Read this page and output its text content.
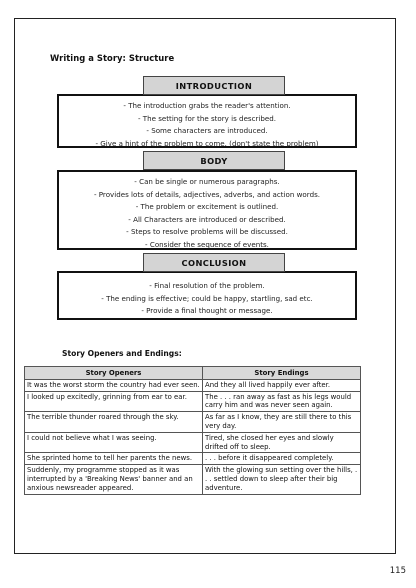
Writing a Story: Structure
- The introduction grabs the reader's attention.
- The setting for the story is described.
- Some characters are introduced.
- Give a hint of the problem to come. (don't state the problem)
INTRODUCTION
- Can be single or numerous paragraphs.
- Provides lots of details, adjectives, adverbs, and action words.
- The problem or excitement is outlined.
- All Characters are introduced or described.
- Steps to resolve problems will be discussed.
- Consider the sequence of events.
BODY
- Final resolution of the problem.
- The ending is effective; could be happy, startling, sad etc.
- Provide a final thought or message.
CONCLUSION
Story Openers and Endings:
Story Openers	Story Endings
It was the worst storm the country had ever seen.	And they all lived happily ever after.
I looked up excitedly, grinning from ear to ear.	The . . . ran away as fast as his legs would carry him and was never seen again.
The terrible thunder roared through the sky.	As far as I know, they are still there to this very day.
I could not believe what I was seeing.	Tired, she closed her eyes and slowly drifted off to sleep.
She sprinted home to tell her parents the news.	. . . before it disappeared completely.
Suddenly, my programme stopped as it was interrupted by a 'Breaking News' banner and an anxious newsreader appeared.	With the glowing sun setting over the hills, . . . settled down to sleep after their big adventure.
115
